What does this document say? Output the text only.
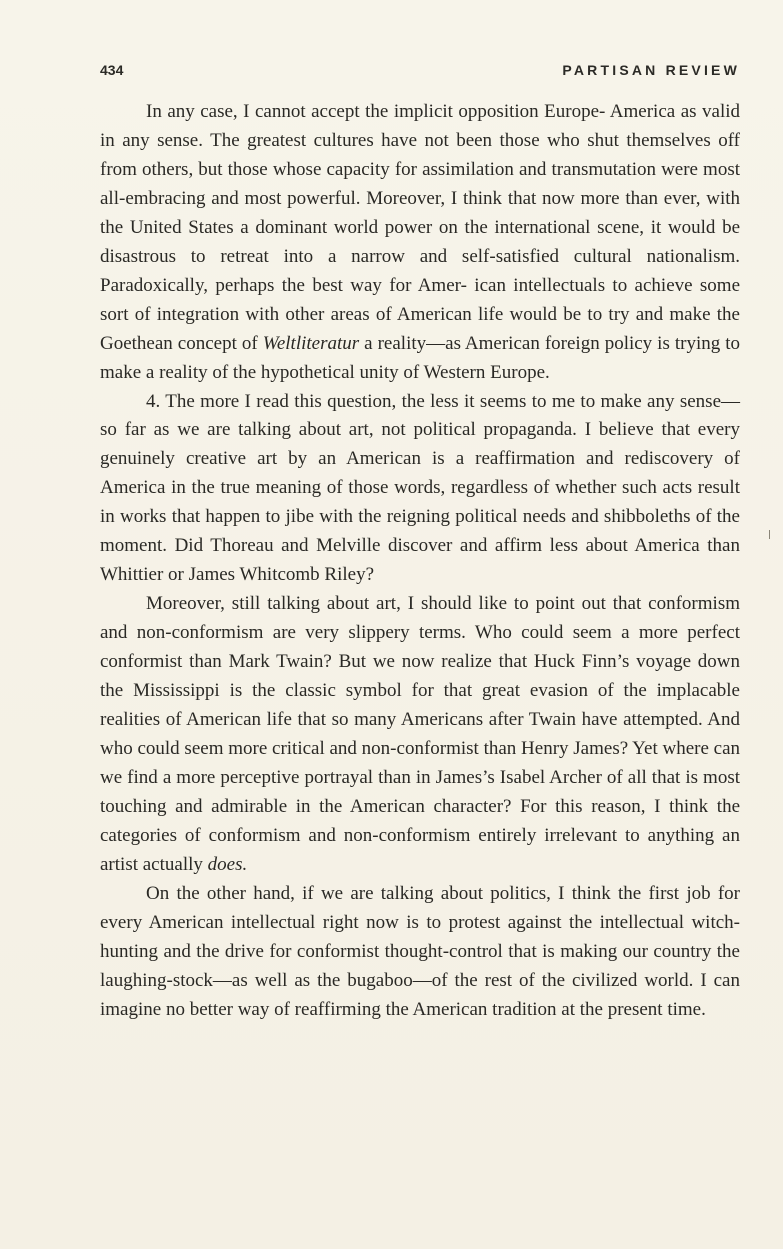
434	PARTISAN REVIEW

In any case, I cannot accept the implicit opposition Europe- America as valid in any sense. The greatest cultures have not been those who shut themselves off from others, but those whose capacity for assimilation and transmutation were most all-embracing and most powerful. Moreover, I think that now more than ever, with the United States a dominant world power on the international scene, it would be disastrous to retreat into a narrow and self-satisfied cultural nationalism. Paradoxically, perhaps the best way for Amer- ican intellectuals to achieve some sort of integration with other areas of American life would be to try and make the Goethean concept of Weltliteratur a reality—as American foreign policy is trying to make a reality of the hypothetical unity of Western Europe.

4. The more I read this question, the less it seems to me to make any sense—so far as we are talking about art, not political propaganda. I believe that every genuinely creative art by an American is a reaffirmation and rediscovery of America in the true meaning of those words, regardless of whether such acts result in works that happen to jibe with the reigning political needs and shibboleths of the moment. Did Thoreau and Melville discover and affirm less about America than Whittier or James Whitcomb Riley?

Moreover, still talking about art, I should like to point out that conformism and non-conformism are very slippery terms. Who could seem a more perfect conformist than Mark Twain? But we now realize that Huck Finn’s voyage down the Mississippi is the classic symbol for that great evasion of the implacable realities of American life that so many Americans after Twain have attempted. And who could seem more critical and non-conformist than Henry James? Yet where can we find a more perceptive portrayal than in James’s Isabel Archer of all that is most touching and admirable in the American character? For this reason, I think the categories of conformism and non-conformism entirely irrelevant to anything an artist actually does.

On the other hand, if we are talking about politics, I think the first job for every American intellectual right now is to protest against the intellectual witch-hunting and the drive for conformist thought-control that is making our country the laughing-stock—as well as the bugaboo—of the rest of the civilized world. I can imagine no better way of reaffirming the American tradition at the present time.
